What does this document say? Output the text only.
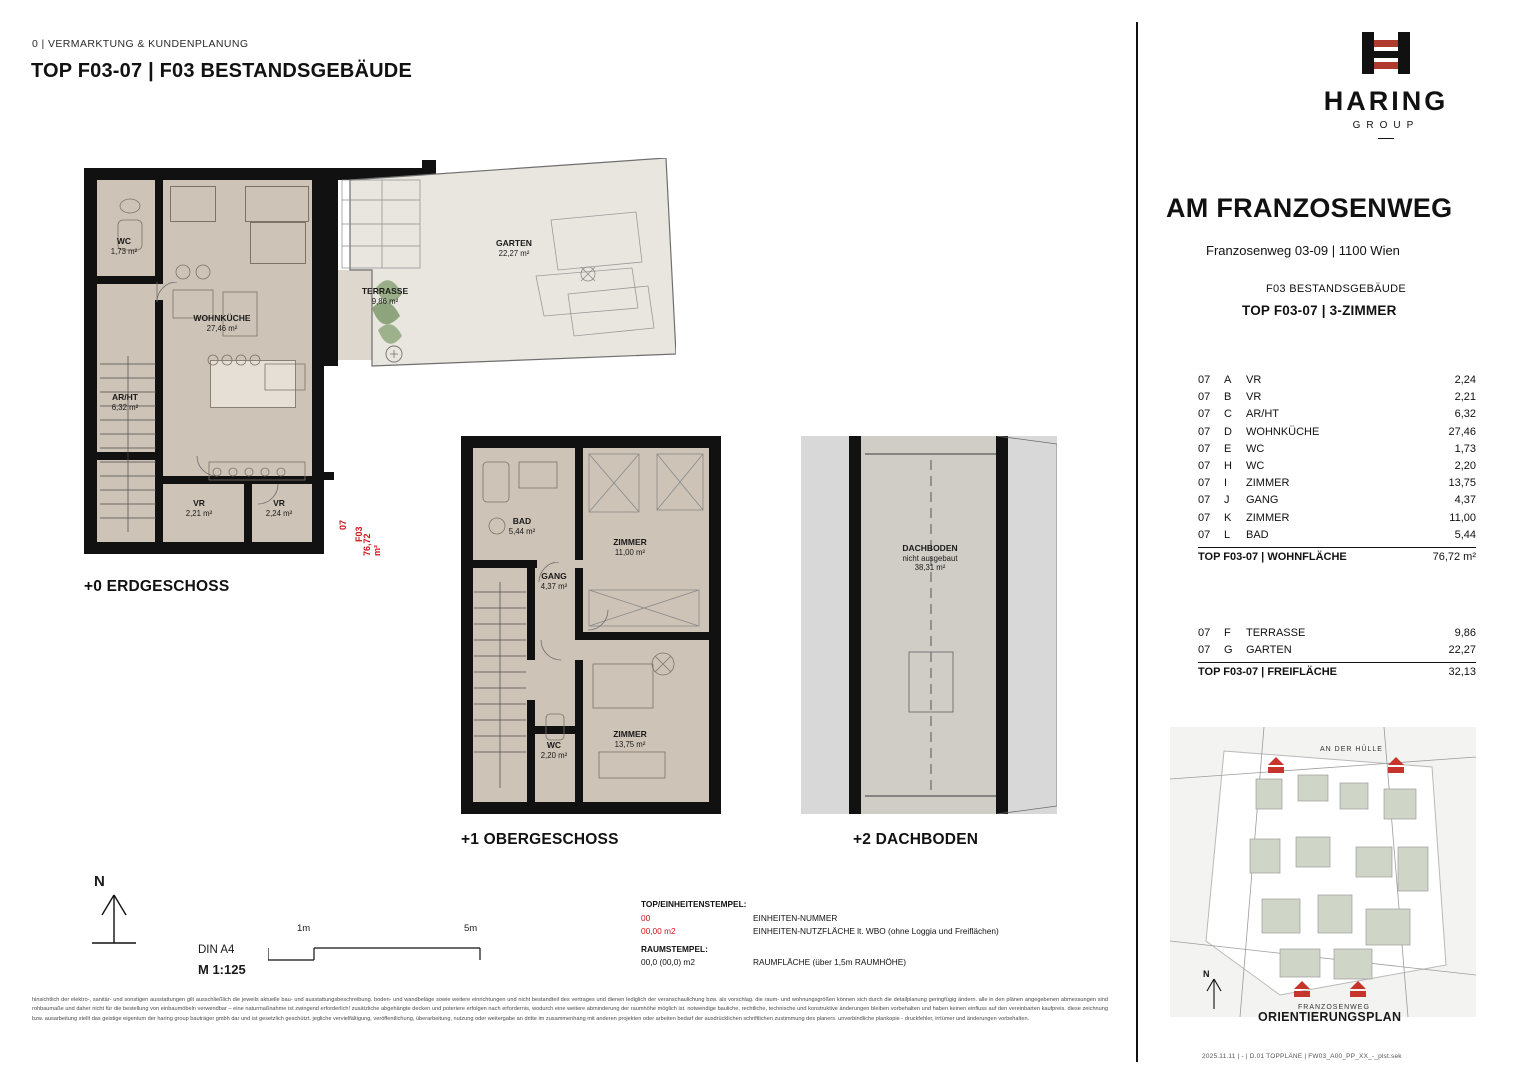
0 | VERMARKTUNG & KUNDENPLANUNG
TOP F03-07 | F03 BESTANDSGEBÄUDE
WC
1,73 m²
WOHNKÜCHE
27,46 m²
AR/HT
6,32 m²
VR
2,21 m²
VR
2,24 m²
TERRASSE
9,86 m²
GARTEN
22,27 m²
07
F03
76,72 m²
+0 ERDGESCHOSS
BAD
5,44 m²
ZIMMER
11,00 m²
GANG
4,37 m²
WC
2,20 m²
ZIMMER
13,75 m²
+1 OBERGESCHOSS
DACHBODEN
nicht ausgebaut
38,31 m²
+2 DACHBODEN
N
DIN A4
M 1:125
1m	5m
TOP/EINHEITENSTEMPEL:
00	EINHEITEN-NUMMER
00,00 m2	EINHEITEN-NUTZFLÄCHE lt. WBO (ohne Loggia und Freiflächen)
RAUMSTEMPEL:
00,0 (00,0) m2	RAUMFLÄCHE (über 1,5m RAUMHÖHE)
hinsichtlich der elektro-, sanitär- und sonstigen ausstattungen gilt ausschließlich die jeweils aktuelle bau- und ausstattungsbeschreibung. boden- und wandbeläge sowie weitere einrichtungen und nicht bestandteil des vertrages und dienen lediglich der veranschaulichung bzw. als vorschlag. die raum- und wohnungsgrößen können sich durch die detailplanung geringfügig ändern. alle in den plänen angegebenen abmessungen sind rohbaumaße und daher nicht für die bestellung von einbaumöbeln verwendbar – eine naturmaßnahme ist zwingend erforderlich! zusätzliche abgehängte decken und poteriere erfolgen nach erfordernis, wodurch eine weitere abminderung der raumhöhe möglich ist. notwendige bauliche, rechtliche, technische und konstruktive änderungen bleiben vorbehalten und haben keinen einfluss auf den vereinbarten kaufpreis. diese zeichnung bzw. ausarbeitung stellt das geistige eigentum der haring group bauträger gmbh dar und ist gesetzlich geschützt. jegliche vervielfältigung, veröffentlichung, überarbeitung, nutzung oder weitergabe an dritte im zusammenhang mit anderen projekten oder arbeiten bedarf der ausdrücklichen schriftlichen zustimmung des planers. unverbindliche plankopie - druckfehler, irrtümer und änderungen vorbehalten.
HARING
GROUP
AM FRANZOSENWEG
Franzosenweg 03-09 | 1100 Wien
F03 BESTANDSGEBÄUDE
TOP F03-07 | 3-ZIMMER
07	A	VR	2,24
07	B	VR	2,21
07	C	AR/HT	6,32
07	D	WOHNKÜCHE	27,46
07	E	WC	1,73
07	H	WC	2,20
07	I	ZIMMER	13,75
07	J	GANG	4,37
07	K	ZIMMER	11,00
07	L	BAD	5,44
TOP F03-07 | WOHNFLÄCHE	76,72 m²
07	F	TERRASSE	9,86
07	G	GARTEN	22,27
TOP F03-07 | FREIFLÄCHE	32,13
AN DER HÜLLE
FRANZOSENWEG
N
ORIENTIERUNGSPLAN
2025.11.11 | - | D.01 TOPPLÄNE | FW03_A00_PP_XX_-_plst.sek
